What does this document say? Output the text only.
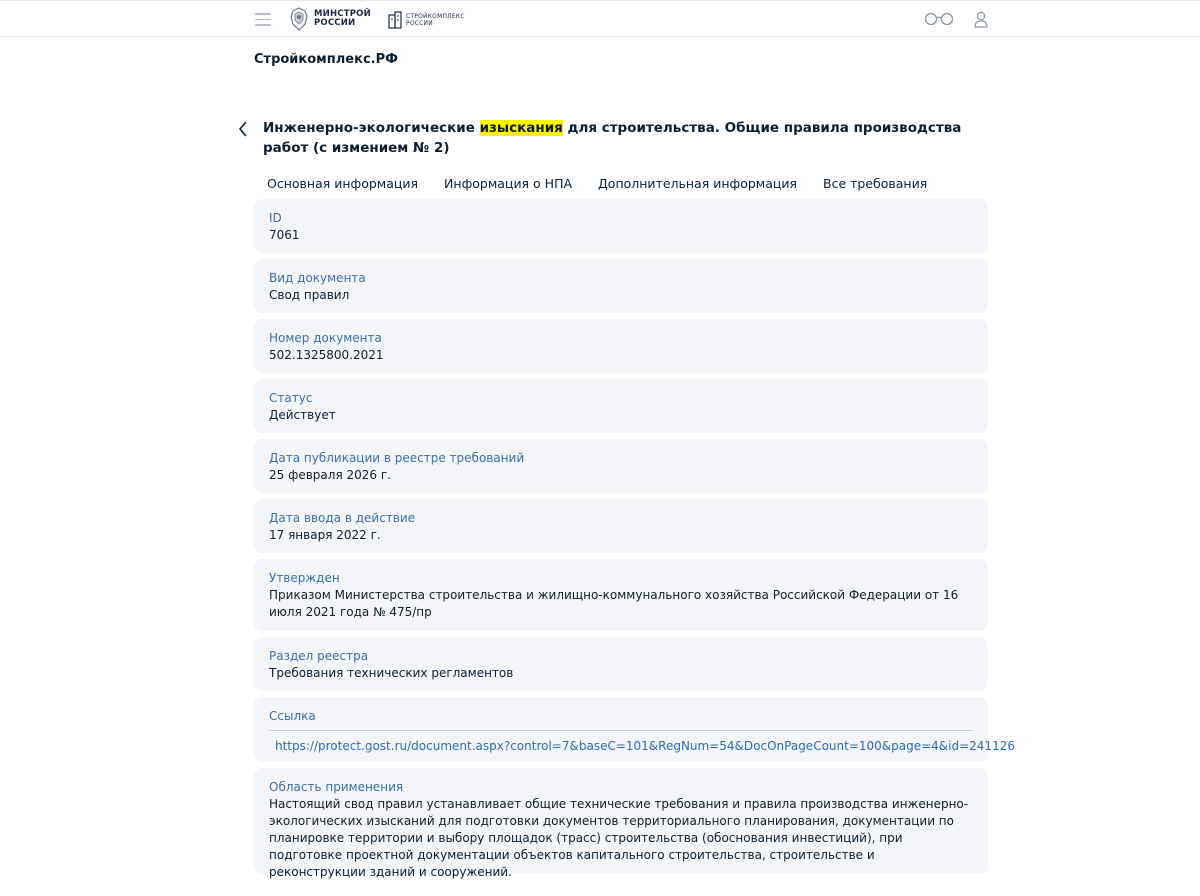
МИНСТРОЙ
РОССИИ
СТРОЙКОМПЛЕКС
РОССИИ
Стройкомплекс.РФ
Инженерно-экологические изыскания для строительства. Общие правила производства работ (с измением № 2)
Основная информация	Информация о НПА	Дополнительная информация	Все требования
ID
7061
Вид документа
Свод правил
Номер документа
502.1325800.2021
Статус
Действует
Дата публикации в реестре требований
25 февраля 2026 г.
Дата ввода в действие
17 января 2022 г.
Утвержден
Приказом Министерства строительства и жилищно-коммунального хозяйства Российской Федерации от 16 июля 2021 года № 475/пр
Раздел реестра
Требования технических регламентов
Ссылка
https://protect.gost.ru/document.aspx?control=7&baseC=101&RegNum=54&DocOnPageCount=100&page=4&id=241126
Область применения
Настоящий свод правил устанавливает общие технические требования и правила производства инженерно-экологических изысканий для подготовки документов территориального планирования, документации по планировке территории и выбору площадок (трасс) строительства (обоснования инвестиций), при подготовке проектной документации объектов капитального строительства, строительстве и реконструкции зданий и сооружений.
